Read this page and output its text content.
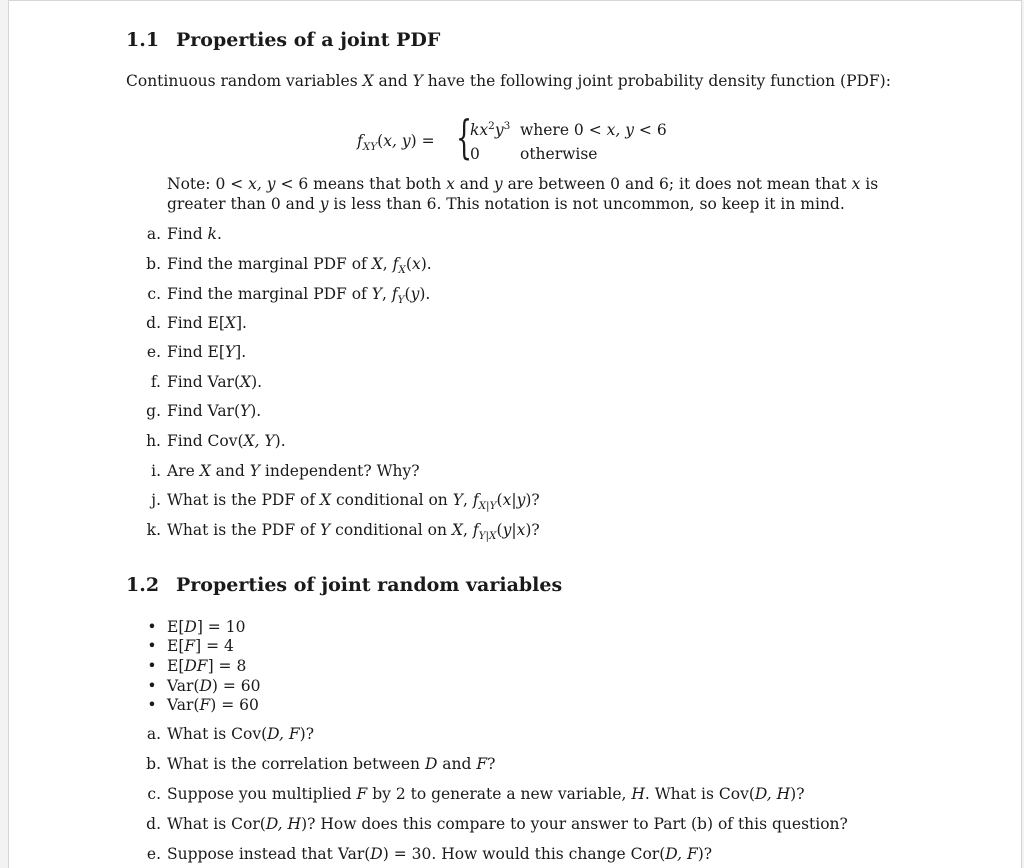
1.1 Properties of a joint PDF
Continuous random variables X and Y have the following joint probability density function (PDF):
$f_{XY}(x$, y) = {
$kx^2y^3$ where 0 < x, y < 6
0	otherwise
Note: 0 < x, y < 6 means that both x and y are between 0 and 6; it does not mean that x is
greater than 0 and y is less than 6. This notation is not uncommon, so keep it in mind.
a. Find k.
b. Find the marginal PDF of X, $f_X(x)$.
c. Find the marginal PDF of Y, $f_Y(y)$.
d. Find E[X].
e. Find E[Y].
f. Find Var(X).
g. Find Var(Y).
h. Find Cov(X, Y).
i. Are X and Y independent? Why?
j. What is the PDF of X conditional on Y, $f_{X|Y}(x|y)$?
k. What is the PDF of Y conditional on X, $f_{Y|X}(y|x)$?
1.2 Properties of joint random variables
• E[D] = 10
• E[F] = 4
• E[DF] = 8
• Var(D) = 60
• Var(F) = 60
a. What is Cov(D, F)?
b. What is the correlation between D and F?
c. Suppose you multiplied F by 2 to generate a new variable, H. What is Cov(D, H)?
d. What is Cor(D, H)? How does this compare to your answer to Part (b) of this question?
e. Suppose instead that Var(D) = 30. How would this change Cor(D, F)?
